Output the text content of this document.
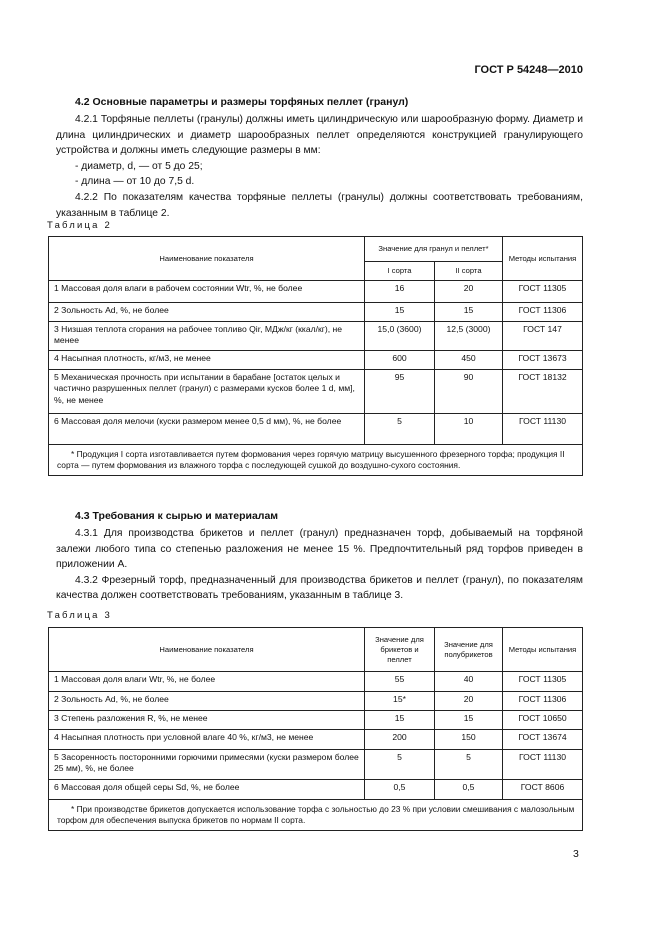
ГОСТ Р 54248—2010
4.2 Основные параметры и размеры торфяных пеллет (гранул)

4.2.1 Торфяные пеллеты (гранулы) должны иметь цилиндрическую или шарообразную форму. Диаметр и длина цилиндрических и диаметр шарообразных пеллет определяются конструкцией гранулирующего устройства и должны иметь следующие размеры в мм:

- диаметр, d, — от 5 до 25;

- длина — от 10 до 7,5 d.

4.2.2 По показателям качества торфяные пеллеты (гранулы) должны соответствовать требованиям, указанным в таблице 2.

Таблица 2
Наименование показателя	Значение для гранул и пеллет*		Методы испытания
	I сорта	II сорта	
1 Массовая доля влаги в рабочем состоянии Wtr, %, не более	16	20	ГОСТ 11305
2 Зольность Ad, %, не более	15	15	ГОСТ 11306
3 Низшая теплота сгорания на рабочее топливо Qir, МДж/кг (ккал/кг), не менее	15,0 (3600)	12,5 (3000)	ГОСТ 147
4 Насыпная плотность, кг/м3, не менее	600	450	ГОСТ 13673
5 Механическая прочность при испытании в барабане [остаток целых и частично разрушенных пеллет (гранул) с размерами кусков более 1 d, мм], %, не менее	95	90	ГОСТ 18132
6 Массовая доля мелочи (куски размером менее 0,5 d мм), %, не более	5	10	ГОСТ 11130

* Продукция I сорта изготавливается путем формования через горячую матрицу высушенного фрезерного торфа; продукция II сорта — путем формования из влажного торфа с последующей сушкой до воздушно-сухого состояния.			
4.3 Требования к сырью и материалам

4.3.1 Для производства брикетов и пеллет (гранул) предназначен торф, добываемый на торфяной залежи любого типа со степенью разложения не менее 15 %. Предпочтительный ряд торфов приведен в приложении А.

4.3.2 Фрезерный торф, предназначенный для производства брикетов и пеллет (гранул), по показателям качества должен соответствовать требованиям, указанным в таблице 3.

Таблица 3
Наименование показателя	Значение для брикетов и пеллет	Значение для полубрикетов	Методы испытания
1 Массовая доля влаги Wtr, %, не более	55	40	ГОСТ 11305
2 Зольность Ad, %, не более	15*	20	ГОСТ 11306
3 Степень разложения R, %, не менее	15	15	ГОСТ 10650
4 Насыпная плотность при условной влаге 40 %, кг/м3, не менее	200	150	ГОСТ 13674
5 Засоренность посторонними горючими примесями (куски размером более 25 мм), %, не более	5	5	ГОСТ 11130
6 Массовая доля общей серы Sd, %, не более	0,5	0,5	ГОСТ 8606

* При производстве брикетов допускается использование торфа с зольностью до 23 % при условии смешивания с малозольным торфом для обеспечения выпуска брикетов по нормам II сорта.			
3
